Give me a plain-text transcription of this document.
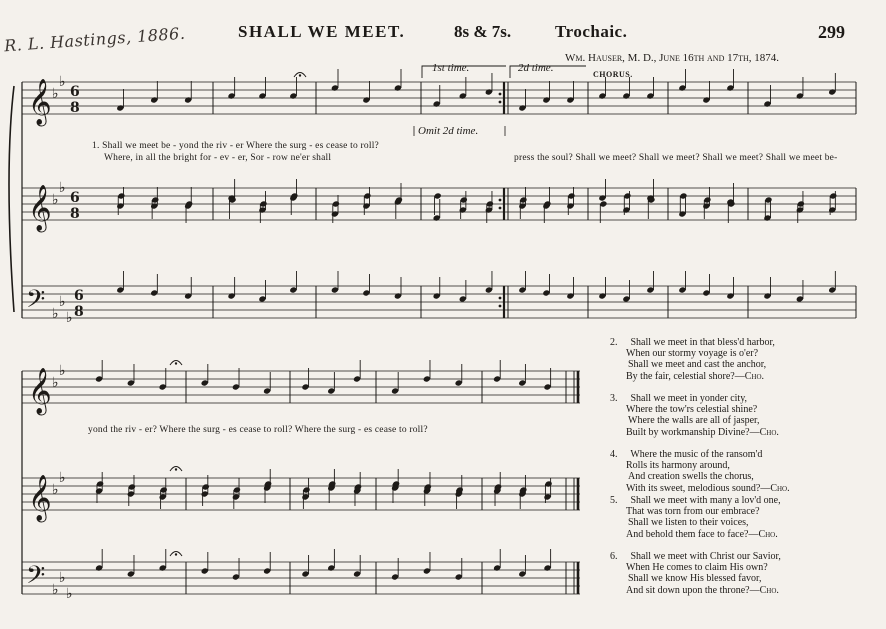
𝄞 ♭
♭
6
8
𝄞 ♭
♭
6
8
𝄢 ♭
♭
♭
6
8
𝄞 ♭
♭
𝄞 ♭
♭
𝄢 ♭
♭
♭
R. L. Hastings, 1886.	SHALL WE MEET.	8s & 7s.	Trochaic.	299
Wm. Hauser, M. D., June 16th and 17th, 1874.
1st time.	2d time.
CHORUS.
Omit 2d time.
1. Shall we meet be - yond the riv - er Where the surg - es cease to roll?
Where, in all the bright for - ev - er, Sor - row ne'er shall	press the soul? Shall we meet? Shall we meet? Shall we meet? Shall we meet be-
yond the riv - er? Where the surg - es cease to roll? Where the surg - es cease to roll?
2. Shall we meet in that bless'd harbor,
When our stormy voyage is o'er?
Shall we meet and cast the anchor,
By the fair, celestial shore?—Cho.
3. Shall we meet in yonder city,
Where the tow'rs celestial shine?
Where the walls are all of jasper,
Built by workmanship Divine?—Cho.
4. Where the music of the ransom'd
Rolls its harmony around,
And creation swells the chorus,
With its sweet, melodious sound?—Cho.
5. Shall we meet with many a lov'd one,
That was torn from our embrace?
Shall we listen to their voices,
And behold them face to face?—Cho.
6. Shall we meet with Christ our Savior,
When He comes to claim His own?
Shall we know His blessed favor,
And sit down upon the throne?—Cho.
